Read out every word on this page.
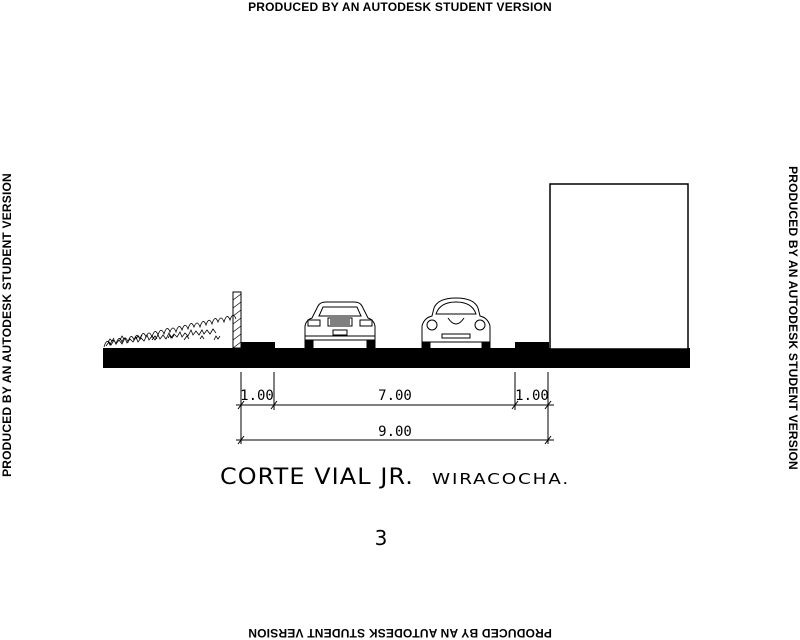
PRODUCED BY AN AUTODESK STUDENT VERSION
PRODUCED BY AN AUTODESK STUDENT VERSION
PRODUCED BY AN AUTODESK STUDENT VERSION	PRODUCED BY AN AUTODESK STUDENT VERSION
1.00	7.00	1.00
9.00
CORTE VIAL JR. WIRACOCHA.
3
